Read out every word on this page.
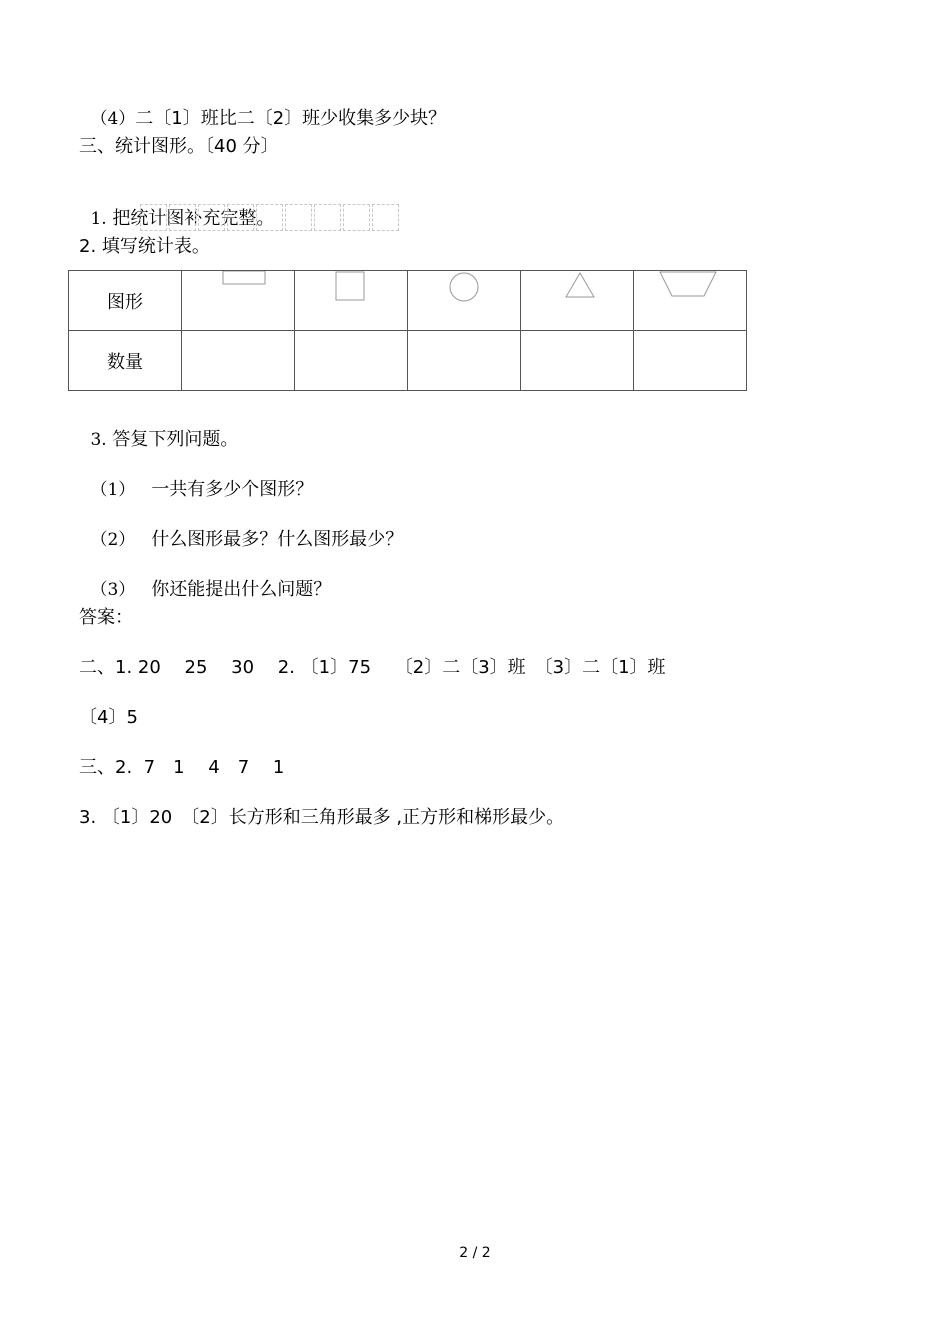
（4）二〔1〕班比二〔2〕班少收集多少块？

三、统计图形。〔40 分〕

1. 把统计图补充完整。

2. 填写统计表。
图形	

数量					

3. 答复下列问题。

（1） 一共有多少个图形？

（2） 什么图形最多？什么图形最少？

（3） 你还能提出什么问题？

答案：
二、1. 20　 25　 30　 2. 〔1〕75　 〔2〕二〔3〕班　〔3〕二〔1〕班
〔4〕5
三、2.  7　1　 4　7　 1
3. 〔1〕20　〔2〕长方形和三角形最多 ,正方形和梯形最少。
2 / 2
